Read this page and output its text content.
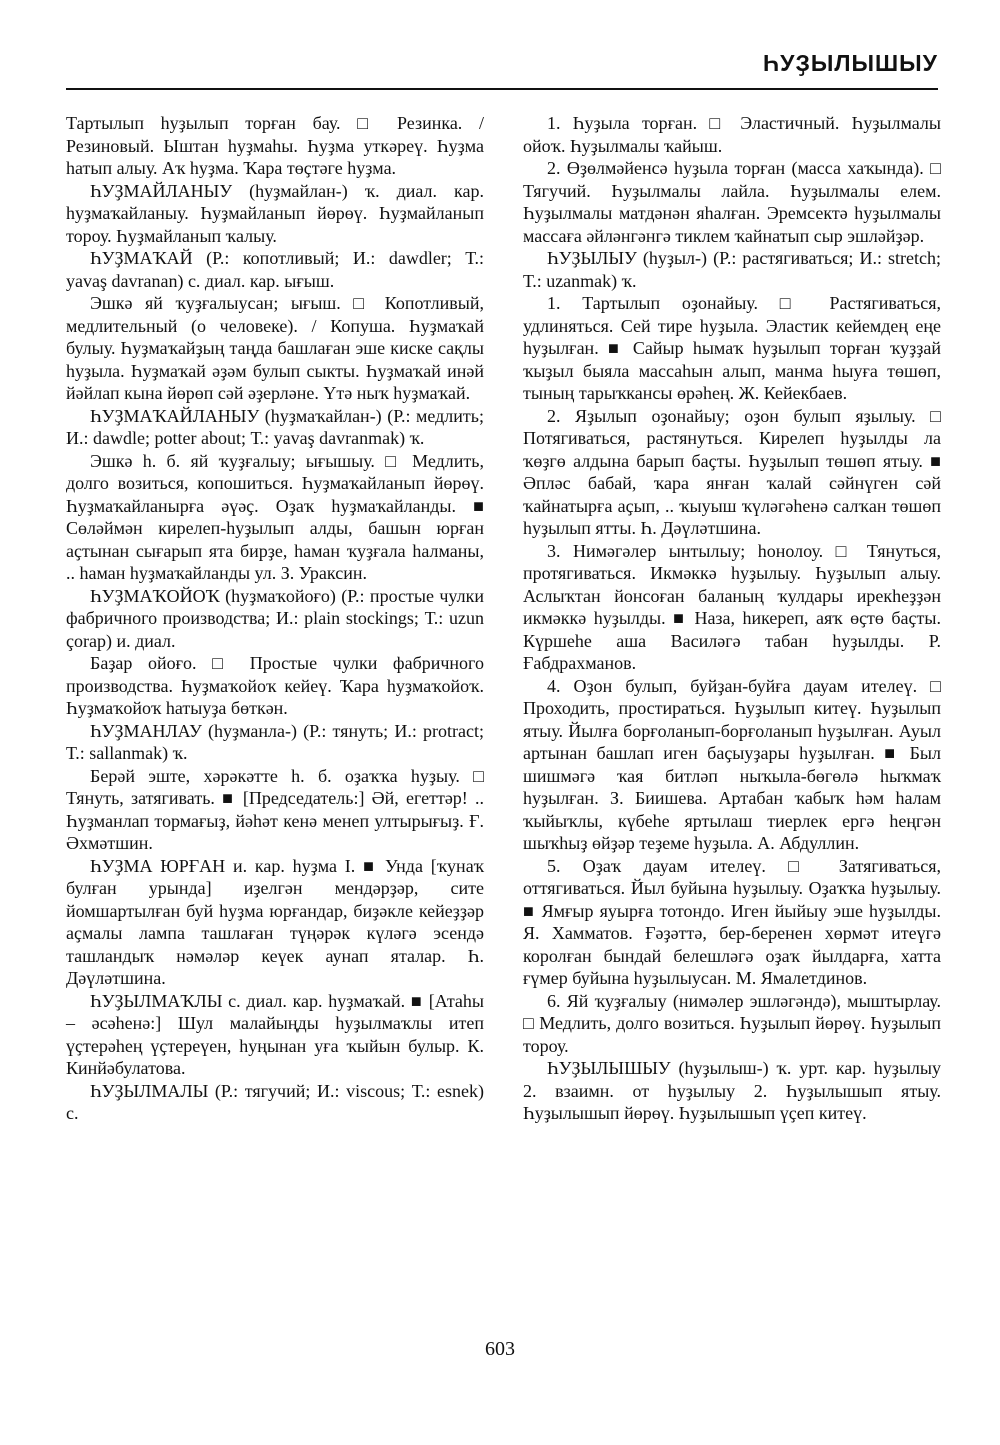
ҺУҘЫЛЫШЫУ

Тартылып һуҙылып торған бау. □ Резинка. / Резиновый. Ыштан һуҙмаһы. Һуҙма уткәреү. Һуҙма һатып алыу. Аҡ һуҙма. Ҡара төҫтәге һуҙма.

ҺУҘМАЙЛАНЫУ (һуҙмайлан-) ҡ. диал. кар. һуҙмаҡайланыу. Һуҙмайланып йөрөү. Һуҙмайланып тороу. Һуҙмайланып ҡалыу.

ҺУҘМАҠАЙ (Р.: копотливый; И.: dawdler; Т.: yavaş davranan) с. диал. кар. ығыш.

Эшкә яй ҡуҙғалыусан; ығыш. □ Копотливый, медлительный (о человеке). / Копуша. Һуҙмаҡай булыу. Һуҙмаҡайҙың таңда башлаған эше киске сақлы һуҙыла. Һуҙмаҡай әҙәм булып сыкты. Һуҙмаҡай инәй йәйлап кына йөрөп сәй әҙерләне. Үтә ныҡ һуҙмаҡай.

ҺУҘМАҠАЙЛАНЫУ (һуҙмаҡайлан-) (Р.: медлить; И.: dawdle; potter about; Т.: yavaş davranmak) ҡ.

Эшкә һ. б. яй ҡуҙғалыу; ығышыу. □ Медлить, долго возиться, копошиться. Һуҙмаҡайланып йөрөү. Һуҙмаҡайланырға әүәҫ. Оҙаҡ һуҙмаҡайланды. ■ Сөләймән кирелеп-һуҙылып алды, башын юрған аҫтынан сығарып ята бирҙе, һаман ҡуҙғала һалманы, .. һаман һуҙмаҡайланды ул. З. Ураксин.

ҺУҘМАҠОЙОҠ (һуҙмаҡойоғо) (Р.: простые чулки фабричного производства; И.: plain stockings; Т.: uzun çorap) и. диал.

Баҙар ойоғо. □ Простые чулки фабричного производства. Һуҙмаҡойоҡ кейеү. Ҡара һуҙмаҡойоҡ. Һуҙмаҡойоҡ һатыуҙа бөткән.

ҺУҘМАНЛАУ (һуҙманла-) (Р.: тянуть; И.: protract; Т.: sallanmak) ҡ.

Берәй эште, хәрәкәтте һ. б. оҙаҡҡа һуҙыу. □ Тянуть, затягивать. ■ [Председатель:] Әй, егеттәр! .. Һуҙманлап тормағыҙ, йәһәт кенә менеп ултырығыҙ. Ғ. Әхмәтшин.

ҺУҘМА ЮРҒАН и. кар. һуҙма I. ■ Унда [ҡунаҡ булған урында] иҙелгән мендәрҙәр, сите йомшартылған буй һуҙма юрғандар, биҙәкле кейеҙҙәр аҫмалы лампа ташлаған түңәрәк күләгә эсендә ташландыҡ нәмәләр кеүек аунап яталар. Һ. Дәүләтшина.

ҺУҘЫЛМАҠЛЫ с. диал. кар. һуҙмаҡай. ■ [Атаһы – әсәһенә:] Шул малайыңды һуҙылмаҡлы итеп үҫтерәһең үҫтереүен, һуңынан уға ҡыйын булыр. К. Кинйәбулатова.

ҺУҘЫЛМАЛЫ (Р.: тягучий; И.: viscous; Т.: esnek) с.

1. Һуҙыла торған. □ Эластичный. Һуҙылмалы ойоҡ. Һуҙылмалы ҡайыш.

2. Өҙөлмәйенсә һуҙыла торған (масса хаҡында). □ Тягучий. Һуҙылмалы лайла. Һуҙылмалы елем. Һуҙылмалы матдәнән яһалған. Эремсектә һуҙылмалы массаға әйләнгәнгә тиклем ҡайнатып сыр эшләйҙәр.

ҺУҘЫЛЫУ (һуҙыл-) (Р.: растягиваться; И.: stretch; Т.: uzanmak) ҡ.

1. Тартылып оҙонайыу. □ Растягиваться, удлиняться. Сей тире һуҙыла. Эластик кейемдең еңе һуҙылған. ■ Сайыр һымаҡ һуҙылып торған ҡуҙҙай ҡыҙыл быяла массаһын алып, манма һыуға төшөп, тының тарыҡкансы өрәһең. Ж. Кейекбаев.

2. Яҙылып оҙонайыу; оҙон булып яҙылыу. □ Потягиваться, растянуться. Кирелеп һуҙылды ла ҡөҙгө алдына барып баҫты. Һуҙылып төшөп ятыу. ■ Әпләс бабай, ҡара янған ҡалай сәйнүген сәй ҡайнатырға аҫып, .. ҡыуыш ҡүләгәһенә салҡан төшөп һуҙылып ятты. Һ. Дәүләтшина.

3. Нимәгәлер ынтылыу; һонолоу. □ Тянуться, протягиваться. Икмәккә һуҙылыу. Һуҙылып алыу. Аслыҡтан йонсоған баланың ҡулдары ирекһеҙҙән икмәккә һуҙылды. ■ Наза, һикереп, аяҡ өҫтө баҫты. Күршеһе аша Василәгә табан һуҙылды. Р. Ғабдрахманов.

4. Оҙон булып, буйҙан-буйға дауам ителеү. □ Проходить, простираться. Һуҙылып китеү. Һуҙылып ятыу. Йылға борғоланып-борғоланып һуҙылған. Ауыл артынан башлап иген баҫыуҙары һуҙылған. ■ Был шишмәгә ҡая битләп ныҡыла-бөгөлә һыҡмаҡ һуҙылған. З. Биишева. Артабан ҡабыҡ һәм һалам ҡыйыҡлы, күбеһе яртылаш тиерлек ергә һеңгән шыҡһыҙ өйҙәр теҙеме һуҙыла. А. Абдуллин.

5. Оҙаҡ дауам ителеү. □ Затягиваться, оттягиваться. Йыл буйына һуҙылыу. Оҙаҡҡа һуҙылыу. ■ Ямғыр яуырға тотондо. Иген йыйыу эше һуҙылды. Я. Хамматов. Ғәҙәттә, бер-беренен хөрмәт итеүгә королған бындай белешләгә оҙаҡ йылдарға, хатта ғүмер буйына һуҙылыусан. М. Ямалетдинов.

6. Яй ҡуҙғалыу (нимәлер эшләгәндә), мыштырлау. □ Медлить, долго возиться. Һуҙылып йөрөү. Һуҙылып тороу.

ҺУҘЫЛЫШЫУ (һуҙылыш-) ҡ. урт. кар. һуҙылыу 2. взаимн. от һуҙылыу 2. Һуҙылышып ятыу. Һуҙылышып йөрөү. Һуҙылышып үҫеп китеү.

603
